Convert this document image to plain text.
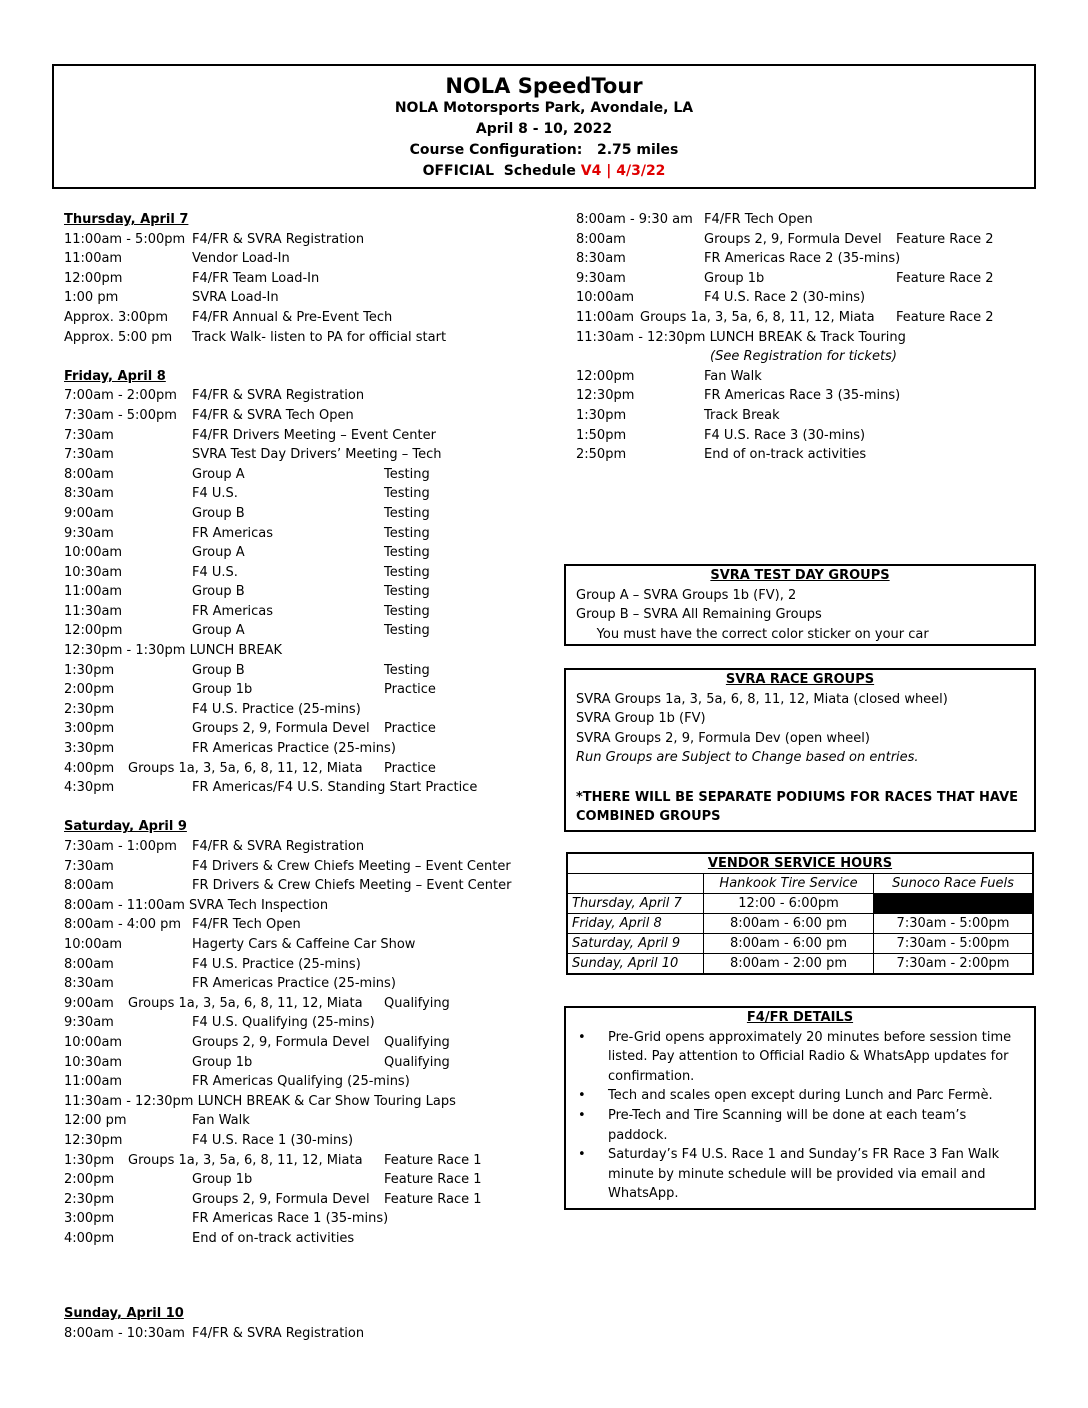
NOLA SpeedTour
NOLA Motorsports Park, Avondale, LA
April 8 - 10, 2022
Course Configuration:   2.75 miles
OFFICIAL  Schedule V4 | 4/3/22
Thursday, April 7
11:00am - 5:00pm F4/FR & SVRA Registration
11:00am	Vendor Load-In
12:00pm	F4/FR Team Load-In
1:00 pm	SVRA Load-In
Approx. 3:00pm F4/FR Annual & Pre-Event Tech
Approx. 5:00 pm Track Walk- listen to PA for official start
Friday, April 8
7:00am - 2:00pm F4/FR & SVRA Registration
7:30am - 5:00pm F4/FR & SVRA Tech Open
7:30am	F4/FR Drivers Meeting – Event Center
7:30am	SVRA Test Day Drivers’ Meeting – Tech
8:00am	Group A	Testing
8:30am	F4 U.S.	Testing
9:00am	Group B	Testing
9:30am	FR Americas	Testing
10:00am	Group A	Testing
10:30am	F4 U.S.	Testing
11:00am	Group B	Testing
11:30am	FR Americas	Testing
12:00pm	Group A	Testing
12:30pm - 1:30pm LUNCH BREAK
1:30pm	Group B	Testing
2:00pm	Group 1b	Practice
2:30pm	F4 U.S. Practice (25-mins)
3:00pm	Groups 2, 9, Formula Devel Practice
3:30pm	FR Americas Practice (25-mins)
4:00pm Groups 1a, 3, 5a, 6, 8, 11, 12, Miata Practice
4:30pm	FR Americas/F4 U.S. Standing Start Practice
Saturday, April 9
7:30am - 1:00pm F4/FR & SVRA Registration
7:30am	F4 Drivers & Crew Chiefs Meeting – Event Center
8:00am	FR Drivers & Crew Chiefs Meeting – Event Center
8:00am - 11:00am SVRA Tech Inspection
8:00am - 4:00 pm F4/FR Tech Open
10:00am	Hagerty Cars & Caffeine Car Show
8:00am	F4 U.S. Practice (25-mins)
8:30am	FR Americas Practice (25-mins)
9:00am Groups 1a, 3, 5a, 6, 8, 11, 12, Miata Qualifying
9:30am	F4 U.S. Qualifying (25-mins)
10:00am	Groups 2, 9, Formula Devel Qualifying
10:30am	Group 1b	Qualifying
11:00am	FR Americas Qualifying (25-mins)
11:30am - 12:30pm LUNCH BREAK & Car Show Touring Laps
12:00 pm	Fan Walk
12:30pm	F4 U.S. Race 1 (30-mins)
1:30pm Groups 1a, 3, 5a, 6, 8, 11, 12, Miata Feature Race 1
2:00pm	Group 1b	Feature Race 1
2:30pm	Groups 2, 9, Formula Devel Feature Race 1
3:00pm	FR Americas Race 1 (35-mins)
4:00pm	End of on-track activities
Sunday, April 10
8:00am - 10:30am F4/FR & SVRA Registration
8:00am - 9:30 am F4/FR Tech Open
8:00am	Groups 2, 9, Formula Devel Feature Race 2
8:30am	FR Americas Race 2 (35-mins)
9:30am	Group 1b	Feature Race 2
10:00am	F4 U.S. Race 2 (30-mins)
11:00am Groups 1a, 3, 5a, 6, 8, 11, 12, Miata Feature Race 2
11:30am - 12:30pm LUNCH BREAK & Track Touring
(See Registration for tickets)
12:00pm	Fan Walk
12:30pm	FR Americas Race 3 (35-mins)
1:30pm	Track Break
1:50pm	F4 U.S. Race 3 (30-mins)
2:50pm	End of on-track activities
SVRA TEST DAY GROUPS
Group A – SVRA Groups 1b (FV), 2
Group B – SVRA All Remaining Groups
You must have the correct color sticker on your car
SVRA RACE GROUPS
SVRA Groups 1a, 3, 5a, 6, 8, 11, 12, Miata (closed wheel)
SVRA Group 1b (FV)
SVRA Groups 2, 9, Formula Dev (open wheel)
Run Groups are Subject to Change based on entries.

*THERE WILL BE SEPARATE PODIUMS FOR RACES THAT HAVE
COMBINED GROUPS
VENDOR SERVICE HOURS		
	Hankook Tire Service	Sunoco Race Fuels
Thursday, April 7	12:00 - 6:00pm	
Friday, April 8	8:00am - 6:00 pm	7:30am - 5:00pm
Saturday, April 9	8:00am - 6:00 pm	7:30am - 5:00pm
Sunday, April 10	8:00am - 2:00 pm	7:30am - 2:00pm
F4/FR DETAILS
• Pre-Grid opens approximately 20 minutes before session time listed. Pay attention to Official Radio & WhatsApp updates for confirmation.
• Tech and scales open except during Lunch and Parc Fermè.
• Pre-Tech and Tire Scanning will be done at each team’s paddock.
• Saturday’s F4 U.S. Race 1 and Sunday’s FR Race 3 Fan Walk minute by minute schedule will be provided via email and WhatsApp.
